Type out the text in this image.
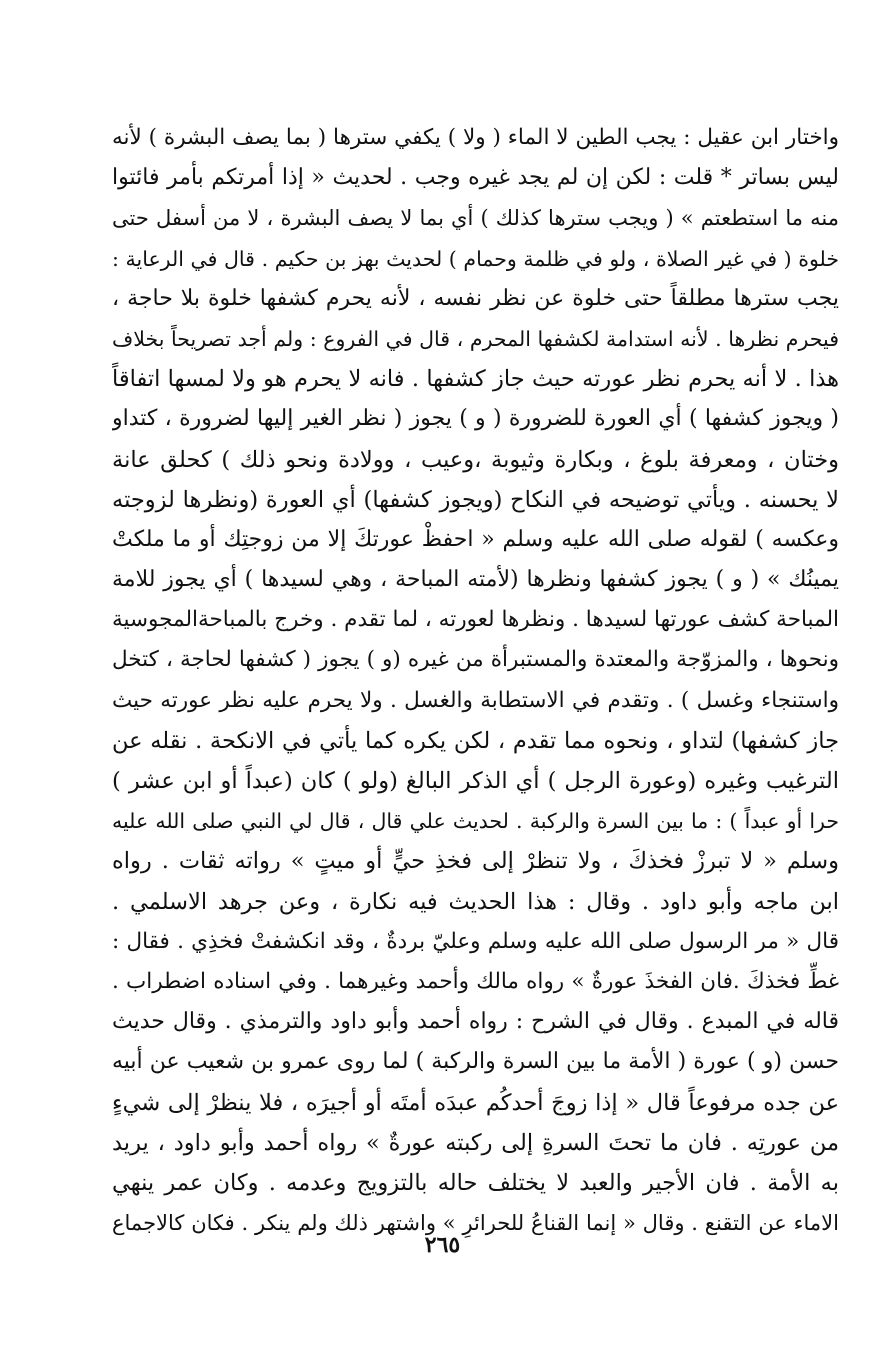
واختار ابن عقيل : يجب الطين لا الماء ( ولا ) يكفي سترها ( بما يصف البشرة ) لأنه
ليس بساتر * قلت : لكن إن لم يجد غيره وجب . لحديث « إذا أمرتكم بأمر فائتوا
منه ما استطعتم » ( ويجب سترها كذلك ) أي بما لا يصف البشرة ، لا من أسفل حتى
خلوة ( في غير الصلاة ، ولو في ظلمة وحمام ) لحديث بهز بن حكيم . قال في الرعاية :
يجب سترها مطلقاً حتى خلوة عن نظر نفسه ، لأنه يحرم كشفها خلوة بلا حاجة ،
فيحرم نظرها . لأنه استدامة لكشفها المحرم ، قال في الفروع : ولم أجد تصريحاً بخلاف
هذا . لا أنه يحرم نظر عورته حيث جاز كشفها . فانه لا يحرم هو ولا لمسها اتفاقاً
( ويجوز كشفها ) أي العورة للضرورة ( و ) يجوز ( نظر الغير إليها لضرورة ، كتداو
وختان ، ومعرفة بلوغ ، وبكارة وثيوبة ،وعيب ، وولادة ونحو ذلك ) كحلق عانة
لا يحسنه . ويأتي توضيحه في النكاح (ويجوز كشفها) أي العورة (ونظرها لزوجته
وعكسه ) لقوله صلى الله عليه وسلم « احفظْ عورتكَ إلا من زوجتِك أو ما ملكتْ
يمينُك » ( و ) يجوز كشفها ونظرها (لأمته المباحة ، وهي لسيدها ) أي يجوز للامة
المباحة كشف عورتها لسيدها . ونظرها لعورته ، لما تقدم . وخرج بالمباحةالمجوسية
ونحوها ، والمزوّجة والمعتدة والمستبرأة من غيره (و ) يجوز ( كشفها لحاجة ، كتخل
واستنجاء وغسل ) . وتقدم في الاستطابة والغسل . ولا يحرم عليه نظر عورته حيث
جاز كشفها) لتداو ، ونحوه مما تقدم ، لكن يكره كما يأتي في الانكحة . نقله عن
الترغيب وغيره (وعورة الرجل ) أي الذكر البالغ (ولو ) كان (عبداً أو ابن عشر )
حرا أو عبداً ) : ما بين السرة والركبة . لحديث علي قال ، قال لي النبي صلى الله عليه
وسلم « لا تبرزْ فخذكَ ، ولا تنظرْ إلى فخذِ حيٍّ أو ميتٍ » رواته ثقات . رواه
ابن ماجه وأبو داود . وقال : هذا الحديث فيه نكارة ، وعن جرهد الاسلمي .
قال « مر الرسول صلى الله عليه وسلم وعليّ بردةٌ ، وقد انكشفتْ فخذِي . فقال :
غطِّ فخذكَ .فان الفخذَ عورةٌ » رواه مالك وأحمد وغيرهما . وفي اسناده اضطراب .
قاله في المبدع . وقال في الشرح : رواه أحمد وأبو داود والترمذي . وقال حديث
حسن (و ) عورة ( الأمة ما بين السرة والركبة ) لما روى عمرو بن شعيب عن أبيه
عن جده مرفوعاً قال « إذا زوجَ أحدكُم عبدَه أمتَه أو أجيرَه ، فلا ينظرْ إلى شيءٍ
من عورتِه . فان ما تحتَ السرةِ إلى ركبته عورةٌ » رواه أحمد وأبو داود ، يريد
به الأمة . فان الأجير والعبد لا يختلف حاله بالتزويج وعدمه . وكان عمر ينهي
الاماء عن التقنع . وقال « إنما القناعُ للحرائرِ » واشتهر ذلك ولم ينكر . فكان كالاجماع
٢٦٥
